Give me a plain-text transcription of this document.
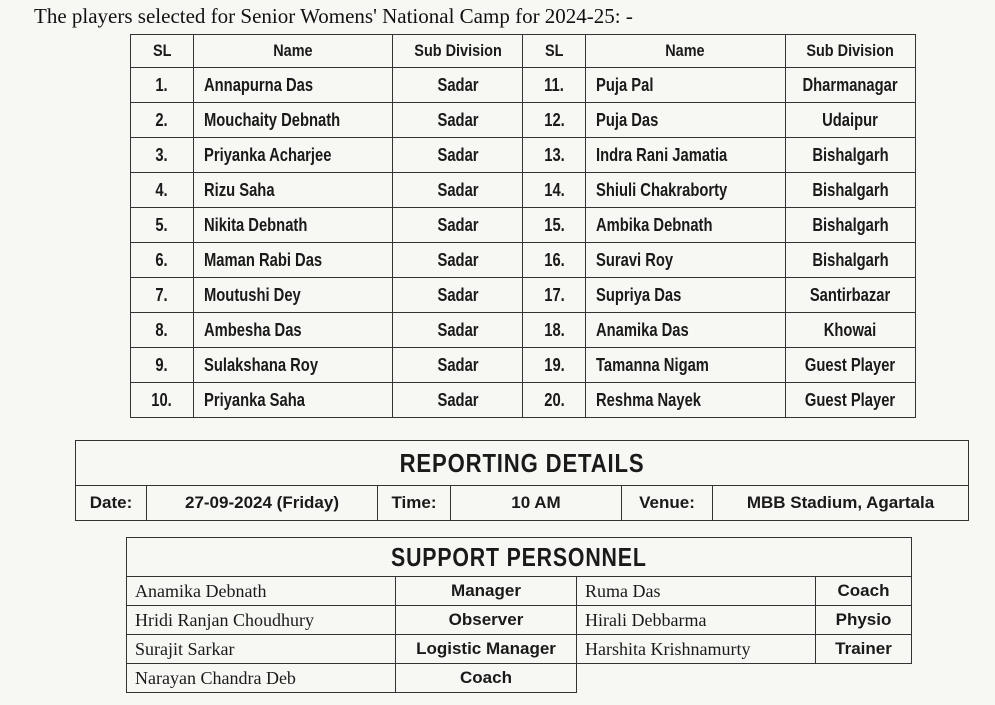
The players selected for Senior Womens' National Camp for 2024-25: -
SL	Name	Sub Division	SL	Name	Sub Division
1.	Annapurna Das	Sadar	11.	Puja Pal	Dharmanagar
2.	Mouchaity Debnath	Sadar	12.	Puja Das	Udaipur
3.	Priyanka Acharjee	Sadar	13.	Indra Rani Jamatia	Bishalgarh
4.	Rizu Saha	Sadar	14.	Shiuli Chakraborty	Bishalgarh
5.	Nikita Debnath	Sadar	15.	Ambika Debnath	Bishalgarh
6.	Maman Rabi Das	Sadar	16.	Suravi Roy	Bishalgarh
7.	Moutushi Dey	Sadar	17.	Supriya Das	Santirbazar
8.	Ambesha Das	Sadar	18.	Anamika Das	Khowai
9.	Sulakshana Roy	Sadar	19.	Tamanna Nigam	Guest Player
10.	Priyanka Saha	Sadar	20.	Reshma Nayek	Guest Player
REPORTING DETAILS
Date:	27-09-2024 (Friday)	Time:	10 AM	Venue:	MBB Stadium, Agartala
SUPPORT PERSONNEL			
Anamika Debnath	Manager	Ruma Das	Coach
Hridi Ranjan Choudhury	Observer	Hirali Debbarma	Physio
Surajit Sarkar	Logistic Manager	Harshita Krishnamurty	Trainer
Narayan Chandra Deb	Coach		
